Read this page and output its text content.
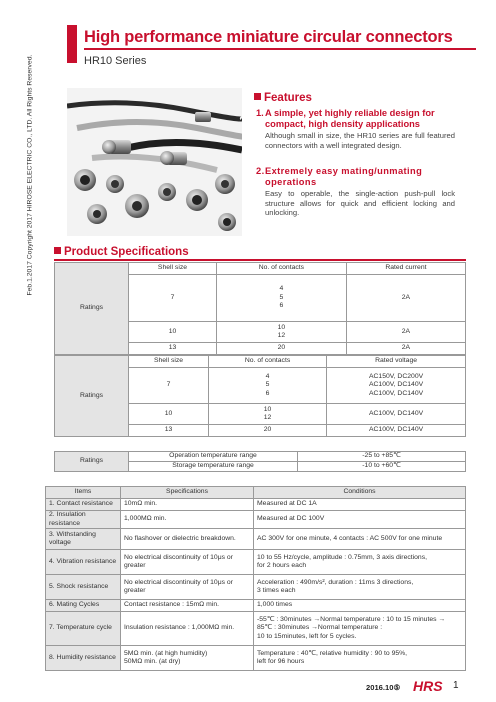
High performance miniature circular connectors
HR10 Series
Feb.1.2017 Copyright 2017 HIROSE ELECTRIC CO., LTD. All Rights Reserved.	Features
1. A simple, yet highly reliable design for compact, high density applications
Although small in size, the HR10 series are full featured connectors with a well integrated design.
2. Extremely easy mating/unmating operations
Easy to operable, the single-action push-pull lock structure allows for quick and efficient locking and unlocking.
Product Specifications
Ratings	Shell size	No. of contacts	Rated current
	7	4
5
6	2A
	10	10
12	2A
	13	20	2A
Ratings	Shell size	No. of contacts	Rated voltage
	7	4
5
6	AC150V, DC200V
AC100V, DC140V
AC100V, DC140V
	10	10
12	AC100V, DC140V
	13	20	AC100V, DC140V
Ratings	Operation temperature range	-25 to +85℃
	Storage temperature range	-10 to +60℃
Items	Specifications	Conditions
1. Contact resistance	10mΩ min.	Measured at DC 1A
2. Insulation resistance	1,000MΩ min.	Measured at DC 100V
3. Withstanding voltage	No flashover or dielectric breakdown.	AC 300V for one minute, 4 contacts : AC 500V for one minute
4. Vibration resistance	No electrical discontinuity of 10μs or greater	10 to 55 Hz/cycle, amplitude : 0.75mm, 3 axis directions,
for 2 hours each
5. Shock resistance	No electrical discontinuity of 10μs or greater	Acceleration : 490m/s², duration : 11ms 3 directions,
3 times each
6. Mating Cycles	Contact resistance : 15mΩ min.	1,000 times
7. Temperature cycle	Insulation resistance : 1,000MΩ min.	-55℃ : 30minutes →Normal temperature : 10 to 15 minutes →
85℃ : 30minutes →Normal temperature :
10 to 15minutes, left for 5 cycles.
8. Humidity resistance	5MΩ min. (at high humidity)
50MΩ min. (at dry)	Temperature : 40℃, relative humidity : 90 to 95%,
left for 96 hours
2016.10⑤ HRS 1
